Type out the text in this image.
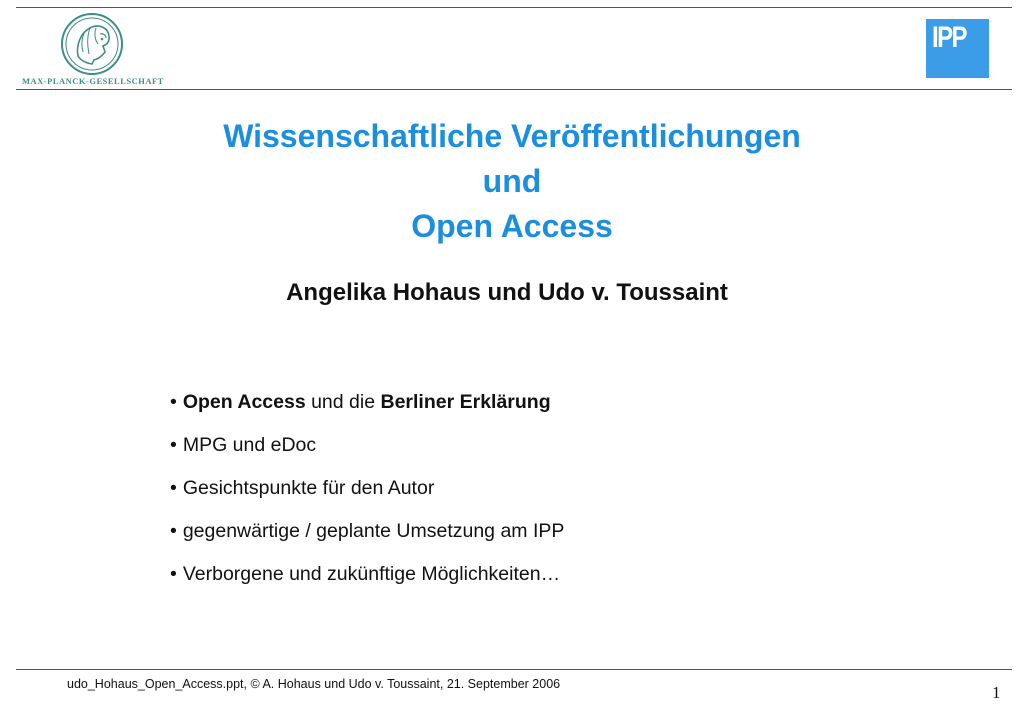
MAX-PLANCK-GESELLSCHAFT
IPP
Wissenschaftliche Veröffentlichungen
und
Open Access
Angelika Hohaus und Udo v. Toussaint
• Open Access und die Berliner Erklärung
• MPG und eDoc
• Gesichtspunkte für den Autor
• gegenwärtige / geplante Umsetzung am IPP
• Verborgene und zukünftige Möglichkeiten…
udo_Hohaus_Open_Access.ppt, © A. Hohaus und Udo v. Toussaint, 21. September 2006	1
